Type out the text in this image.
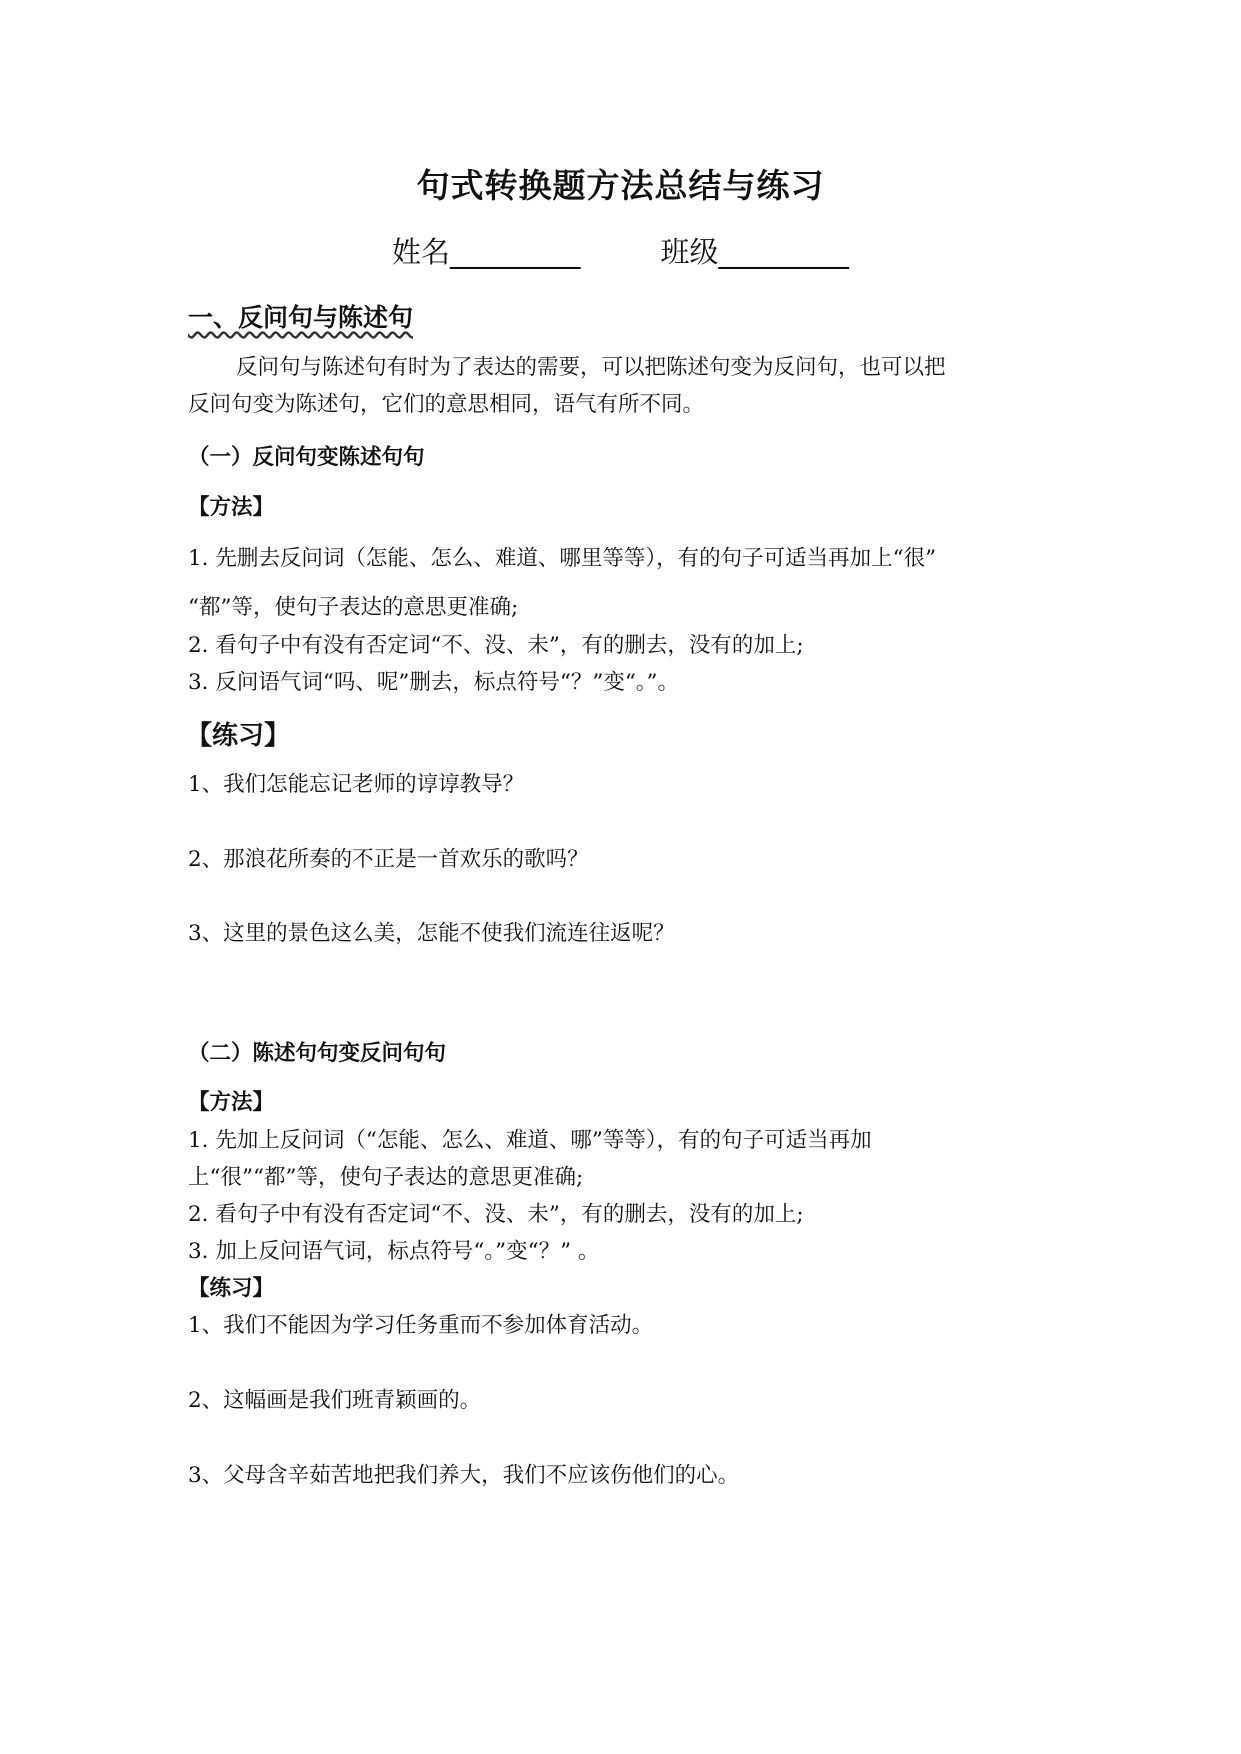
句式转换题方法总结与练习
姓名_________	班级_________
一、反问句与陈述句
反问句与陈述句有时为了表达的需要，可以把陈述句变为反问句，也可以把
反问句变为陈述句，它们的意思相同，语气有所不同。
（一）反问句变陈述句句
【方法】
1. 先删去反问词（怎能、怎么、难道、哪里等等），有的句子可适当再加上“很”
“都”等，使句子表达的意思更准确;
2. 看句子中有没有否定词“不、没、未”，有的删去，没有的加上;
3. 反问语气词“吗、呢”删去，标点符号“？”变“。”。
【练习】
1、我们怎能忘记老师的谆谆教导？
2、那浪花所奏的不正是一首欢乐的歌吗？
3、这里的景色这么美，怎能不使我们流连往返呢？
（二）陈述句句变反问句句
【方法】
1. 先加上反问词（“怎能、怎么、难道、哪”等等），有的句子可适当再加
上“很”“都”等，使句子表达的意思更准确;
2. 看句子中有没有否定词“不、没、未”，有的删去，没有的加上;
3. 加上反问语气词，标点符号“。”变“？” 。
【练习】
1、我们不能因为学习任务重而不参加体育活动。
2、这幅画是我们班青颖画的。
3、父母含辛茹苦地把我们养大，我们不应该伤他们的心。
